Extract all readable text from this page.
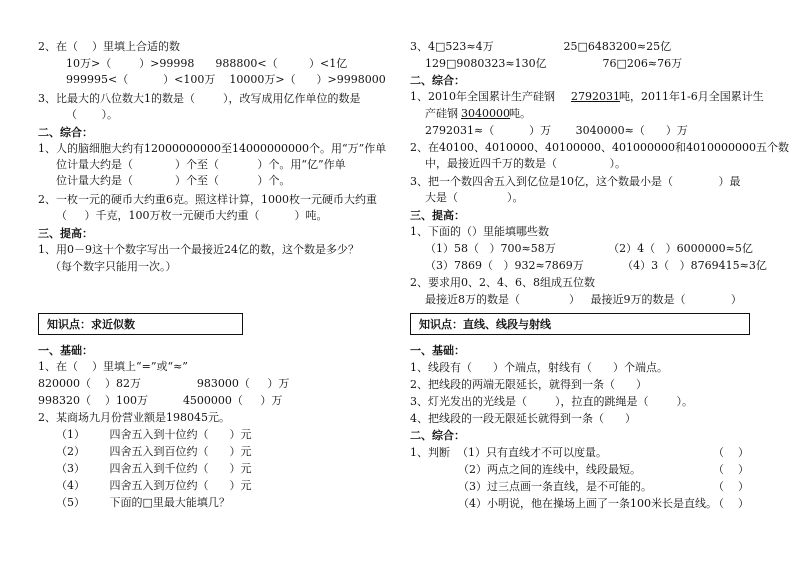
2、在（    ）里填上合适的数
10万>（        ）>99998      988800<（         ）<1亿
999995<（          ）<100万    10000万>（      ）>9998000
3、比最大的八位数大1的数是（        ），改写成用亿作单位的数是
（       ）。
二、综合：
1、人的脑细胞大约有12000000000至14000000000个。用“万”作单
位计量大约是（            ）个至（           ）个。用“亿”作单
位计量大约是（            ）个至（           ）个。
2、一枚一元的硬币大约重6克。照这样计算，1000枚一元硬币大约重
（     ）千克，100万枚一元硬币大约重（          ）吨。
三、提高：
1、用0－9这十个数字写出一个最接近24亿的数，这个数是多少？
（每个数字只能用一次。）
一、基础：
1、在（    ）里填上“=”或“≈”
820000（    ）82万                983000（     ）万
998320（    ）100万          4500000（     ）万
2、某商场九月份营业额是198045元。
（1）       四舍五入到十位约（      ）元
（2）       四舍五入到百位约（      ）元
（3）       四舍五入到千位约（      ）元
（4）       四舍五入到万位约（      ）元
（5）       下面的□里最大能填几？
知识点：求近似数
3、4□523≈4万                    25□6483200≈25亿
129□9080323≈130亿                76□206≈76万
二、综合：
1、2010年全国累计生产硅钢 2792031 吨，2011年1-6月全国累计生
产硅钢 3040000 吨。
2792031≈（          ）万       3040000≈（      ）万
2、在40100、4010000、40100000、401000000和4010000000五个数
中，最接近四千万的数是（               ）。
3、把一个数四舍五入到亿位是10亿，这个数最小是（             ）最
大是（              ）。
三、提高：
1、下面的（）里能填哪些数
（1）58（   ）700≈58万               （2）4（   ）6000000≈5亿
（3）7869（   ）932≈7869万           （4）3（   ）8769415≈3亿
2、要求用0、2、4、6、8组成五位数
最接近8万的数是（              ）   最接近9万的数是（             ）
一、基础：
1、线段有（      ）个端点，射线有（      ）个端点。
2、把线段的两端无限延长，就得到一条（      ）
3、灯光发出的光线是（        ），拉直的跳绳是（        ）。
4、把线段的一段无限延长就得到一条（      ）
二、综合：
1、判断  （1）只有直线才不可以度量。
（2）两点之间的连线中，线段最短。
（3）过三点画一条直线，是不可能的。
（4）小明说，他在操场上画了一条100米长是直线。
（    ）
（    ）
（    ）
（    ）
知识点：直线、线段与射线
